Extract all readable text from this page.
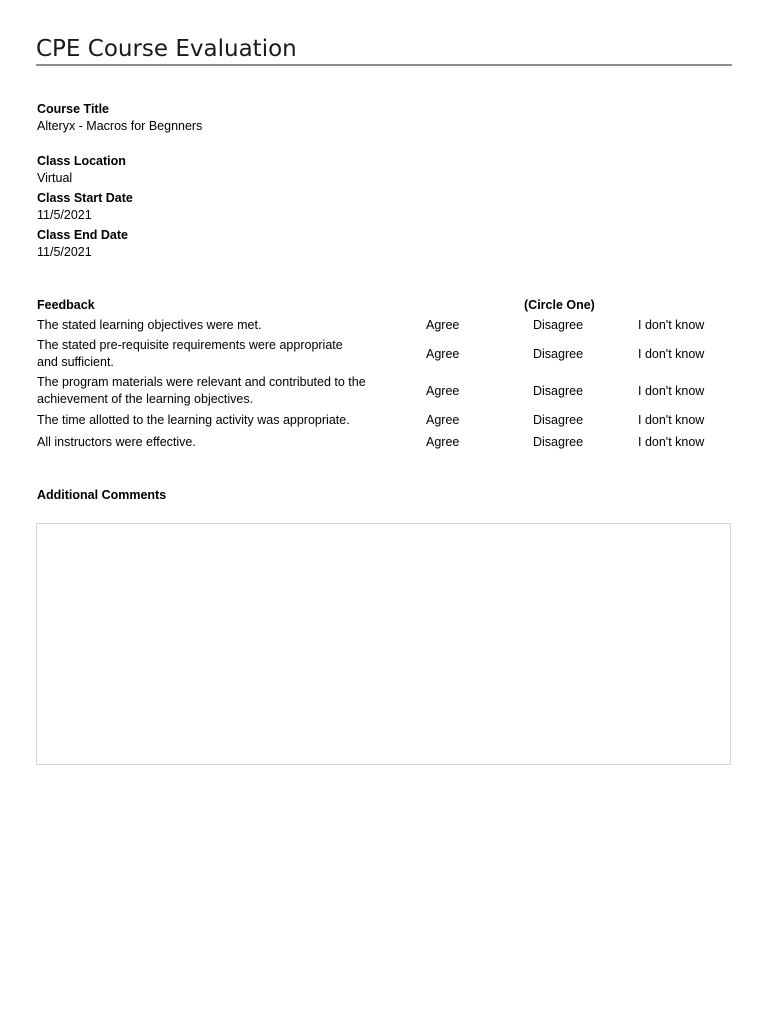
CPE Course Evaluation
Course Title
Alteryx - Macros for Begnners
Class Location
Virtual
Class Start Date
11/5/2021
Class End Date
11/5/2021
Feedback	(Circle One)
The stated learning objectives were met.	Agree	Disagree	I don't know
The stated pre-requisite requirements were appropriate and sufficient.
Agree	Disagree	I don't know
The program materials were relevant and contributed to the achievement of the learning objectives.
Agree	Disagree	I don't know
The time allotted to the learning activity was appropriate.	Agree	Disagree	I don't know
All instructors were effective.	Agree	Disagree	I don't know
Additional Comments
